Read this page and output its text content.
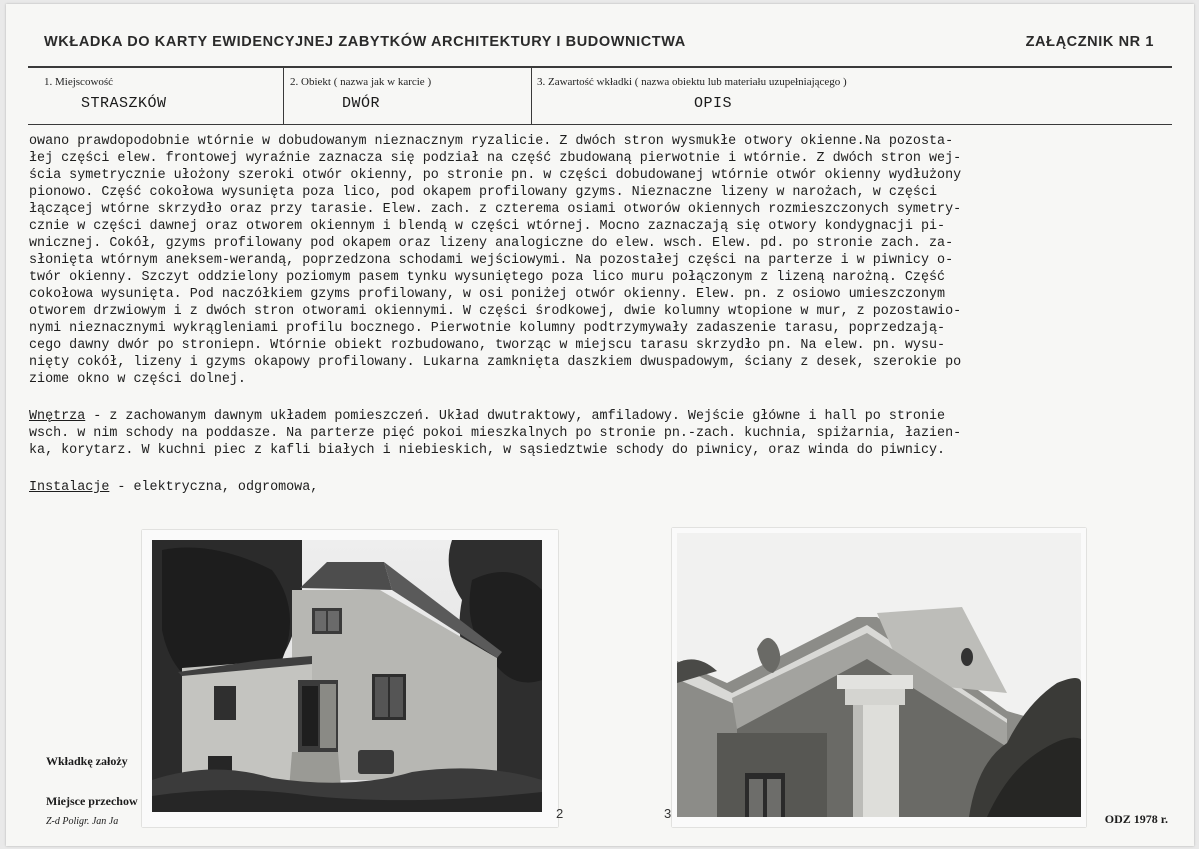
WKŁADKA DO KARTY EWIDENCYJNEJ ZABYTKÓW ARCHITEKTURY I BUDOWNICTWA	ZAŁĄCZNIK NR 1
1. Miejscowość
STRASZKÓW
2. Obiekt ( nazwa jak w karcie )
DWÓR
3. Zawartość wkładki ( nazwa obiektu lub materiału uzupełniającego )
OPIS
owano prawdopodobnie wtórnie w dobudowanym nieznacznym ryzalicie. Z dwóch stron wysmukłe otwory okienne.Na pozosta-
łej części elew. frontowej wyraźnie zaznacza się podział na część zbudowaną pierwotnie i wtórnie. Z dwóch stron wej-
ścia symetrycznie ułożony szeroki otwór okienny, po stronie pn. w części dobudowanej wtórnie otwór okienny wydłużony
pionowo. Część cokołowa wysunięta poza lico, pod okapem profilowany gzyms. Nieznaczne lizeny w narożach, w części
łączącej wtórne skrzydło oraz przy tarasie. Elew. zach. z czterema osiami otworów okiennych rozmieszczonych symetry-
cznie w części dawnej oraz otworem okiennym i blendą w części wtórnej. Mocno zaznaczają się otwory kondygnacji pi-
wnicznej. Cokół, gzyms profilowany pod okapem oraz lizeny analogiczne do elew. wsch. Elew. pd. po stronie zach. za-
słonięta wtórnym aneksem-werandą, poprzedzona schodami wejściowymi. Na pozostałej części na parterze i w piwnicy o-
twór okienny. Szczyt oddzielony poziomym pasem tynku wysuniętego poza lico muru połączonym z lizeną narożną. Część
cokołowa wysunięta. Pod naczółkiem gzyms profilowany, w osi poniżej otwór okienny. Elew. pn. z osiowo umieszczonym
otworem drzwiowym i z dwóch stron otworami okiennymi. W części środkowej, dwie kolumny wtopione w mur, z pozostawio-
nymi nieznacznymi wykrągleniami profilu bocznego. Pierwotnie kolumny podtrzymywały zadaszenie tarasu, poprzedzają-
cego dawny dwór po stroniepn. Wtórnie obiekt rozbudowano, tworząc w miejscu tarasu skrzydło pn. Na elew. pn. wysu-
nięty cokół, lizeny i gzyms okapowy profilowany. Lukarna zamknięta daszkiem dwuspadowym, ściany z desek, szerokie po
ziome okno w części dolnej.
Wnętrza - z zachowanym dawnym układem pomieszczeń. Układ dwutraktowy, amfiladowy. Wejście główne i hall po stronie
wsch. w nim schody na poddasze. Na parterze pięć pokoi mieszkalnych po stronie pn.-zach. kuchnia, spiżarnia, łazien-
ka, korytarz. W kuchni piec z kafli białych i niebieskich, w sąsiedztwie schody do piwnicy, oraz winda do piwnicy.
Instalacje - elektryczna, odgromowa,
Wkładkę założy
Miejsce przechow
Z-d Poligr. Jan Ja	ODZ 1978 r.
2	3
